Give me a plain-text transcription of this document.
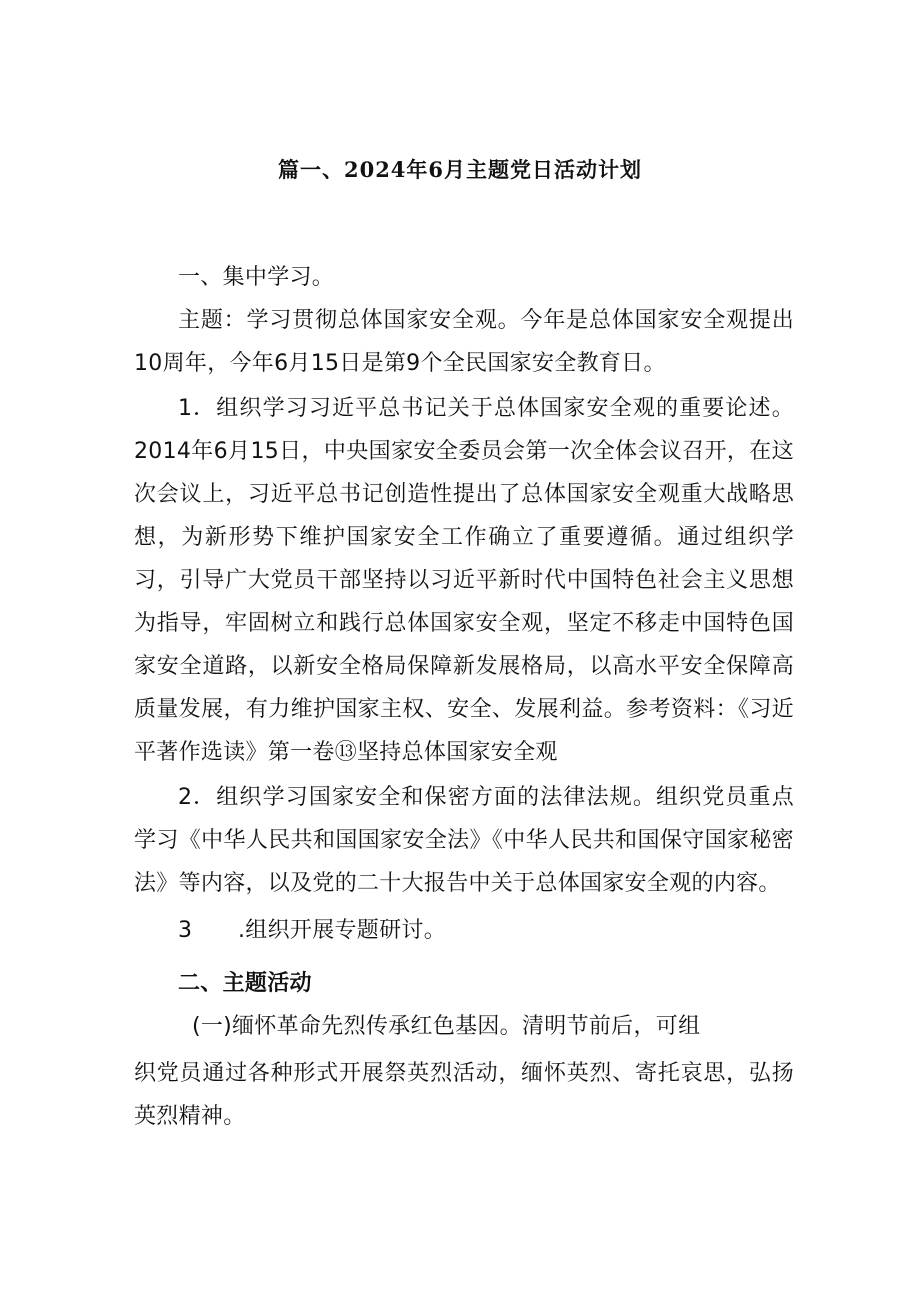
篇一、2024年6月主题党日活动计划

一、集中学习。

主题：学习贯彻总体国家安全观。今年是总体国家安全观提出10周年，今年6月15日是第9个全民国家安全教育日。

1．组织学习习近平总书记关于总体国家安全观的重要论述。2014年6月15日，中央国家安全委员会第一次全体会议召开，在这次会议上，习近平总书记创造性提出了总体国家安全观重大战略思想，为新形势下维护国家安全工作确立了重要遵循。通过组织学习，引导广大党员干部坚持以习近平新时代中国特色社会主义思想为指导，牢固树立和践行总体国家安全观，坚定不移走中国特色国家安全道路，以新安全格局保障新发展格局，以高水平安全保障高质量发展，有力维护国家主权、安全、发展利益。参考资料：《习近平著作选读》第一卷⑬坚持总体国家安全观

2．组织学习国家安全和保密方面的法律法规。组织党员重点学习《中华人民共和国国家安全法》《中华人民共和国保守国家秘密法》等内容，以及党的二十大报告中关于总体国家安全观的内容。

3	.组织开展专题研讨。

二、主题活动

(一)缅怀革命先烈传承红色基因。清明节前后，可组

织党员通过各种形式开展祭英烈活动，缅怀英烈、寄托哀思，弘扬英烈精神。
